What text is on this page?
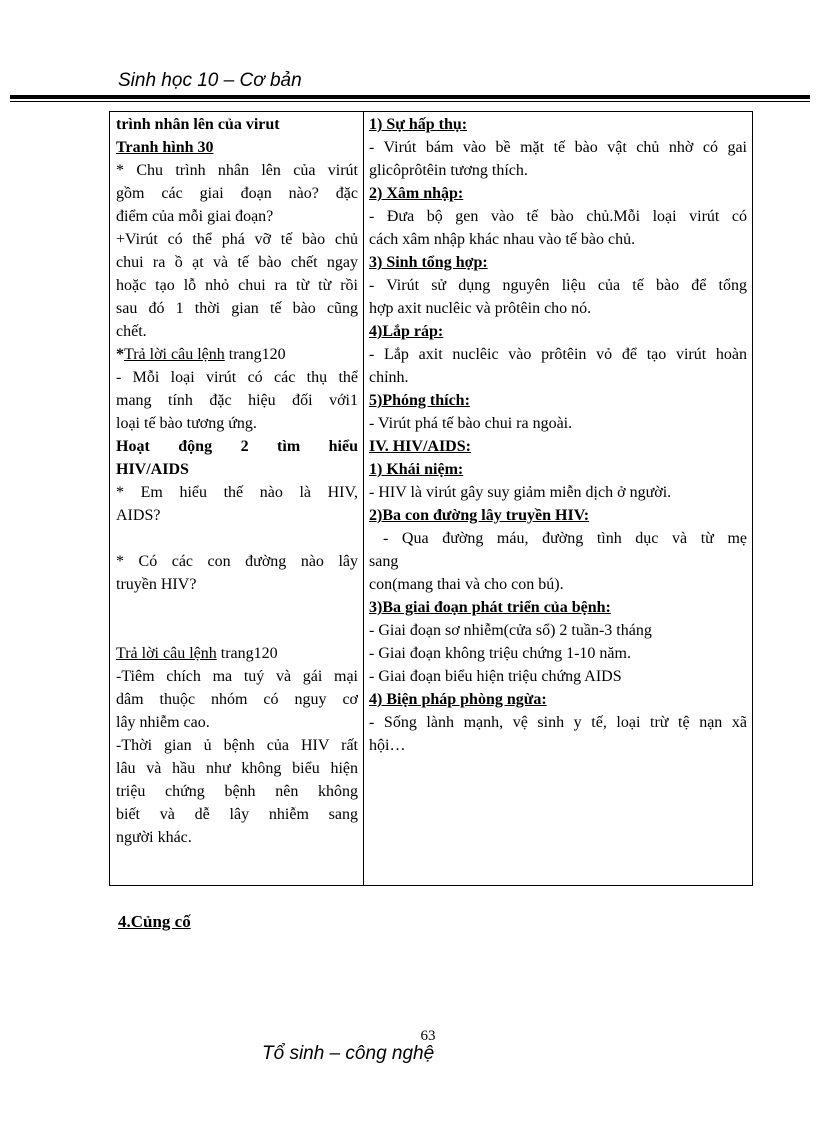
Sinh học 10 – Cơ bản
trình nhân lên của virut
Tranh hình 30
* Chu trình nhân lên của virút
gồm các giai đoạn nào? đặc
điểm của mỗi giai đoạn?
+Virút có thể phá vỡ tế bào chủ
chui ra ồ ạt và tế bào chết ngay
hoặc tạo lỗ nhỏ chui ra từ từ rồi
sau đó 1 thời gian tế bào cũng
chết.
*Trả lời câu lệnh trang120
- Mỗi loại virút có các thụ thể
mang tính đặc hiệu đối với1
loại tế bào tương ứng.
Hoạt động 2 tìm hiểu
HIV/AIDS
* Em hiểu thế nào là HIV,
AIDS?
* Có các con đường nào lây
truyền HIV?
Trả lời câu lệnh trang120
-Tiêm chích ma tuý và gái mại
dâm thuộc nhóm có nguy cơ
lây nhiễm cao.
-Thời gian ủ bệnh của HIV rất
lâu và hầu như không biểu hiện
triệu chứng bệnh nên không
biết và dễ lây nhiễm sang
người khác.
1) Sự hấp thụ:
- Virút bám vào bề mặt tế bào vật chủ nhờ có gai
glicôprôtêin tương thích.
2) Xâm nhập:
- Đưa bộ gen vào tế bào chủ.Mỗi loại virút có
cách xâm nhập khác nhau vào tế bào chủ.
3) Sinh tổng hợp:
- Virút sử dụng nguyên liệu của tế bào để tổng
hợp axit nuclêic và prôtêin cho nó.
4)Lắp ráp:
- Lắp axit nuclêic vào prôtêin vỏ để tạo virút hoàn
chỉnh.
5)Phóng thích:
- Virút phá tế bào chui ra ngoài.
IV. HIV/AIDS:
1) Khái niệm:
- HIV là virút gây suy giảm miễn dịch ở người.
2)Ba con đường lây truyền HIV:
- Qua đường máu, đường tình dục và từ mẹ
sang
con(mang thai và cho con bú).
3)Ba giai đoạn phát triển của bệnh:
- Giai đoạn sơ nhiễm(cửa sổ) 2 tuần-3 tháng
- Giai đoạn không triệu chứng 1-10 năm.
- Giai đoạn biểu hiện triệu chứng AIDS
4) Biện pháp phòng ngừa:
- Sống lành mạnh, vệ sinh y tế, loại trừ tệ nạn xã
hội…
4.Củng cố
63
Tổ sinh – công nghệ
